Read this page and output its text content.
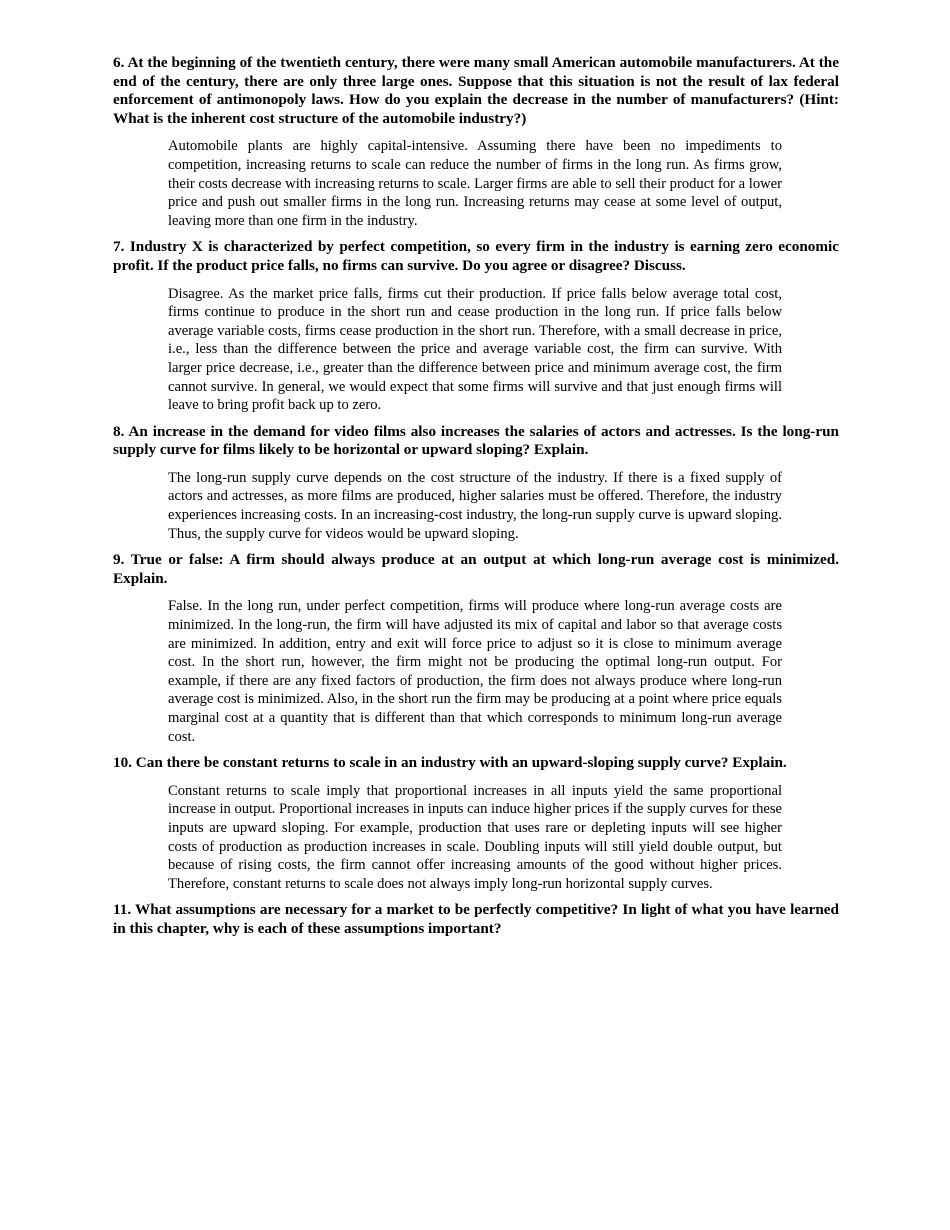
6. At the beginning of the twentieth century, there were many small American automobile manufacturers. At the end of the century, there are only three large ones. Suppose that this situation is not the result of lax federal enforcement of antimonopoly laws. How do you explain the decrease in the number of manufacturers? (Hint: What is the inherent cost structure of the automobile industry?)

Automobile plants are highly capital-intensive. Assuming there have been no impediments to competition, increasing returns to scale can reduce the number of firms in the long run. As firms grow, their costs decrease with increasing returns to scale. Larger firms are able to sell their product for a lower price and push out smaller firms in the long run. Increasing returns may cease at some level of output, leaving more than one firm in the industry.

7. Industry X is characterized by perfect competition, so every firm in the industry is earning zero economic profit. If the product price falls, no firms can survive. Do you agree or disagree? Discuss.

Disagree. As the market price falls, firms cut their production. If price falls below average total cost, firms continue to produce in the short run and cease production in the long run. If price falls below average variable costs, firms cease production in the short run. Therefore, with a small decrease in price, i.e., less than the difference between the price and average variable cost, the firm can survive. With larger price decrease, i.e., greater than the difference between price and minimum average cost, the firm cannot survive. In general, we would expect that some firms will survive and that just enough firms will leave to bring profit back up to zero.

8. An increase in the demand for video films also increases the salaries of actors and actresses. Is the long-run supply curve for films likely to be horizontal or upward sloping? Explain.

The long-run supply curve depends on the cost structure of the industry. If there is a fixed supply of actors and actresses, as more films are produced, higher salaries must be offered. Therefore, the industry experiences increasing costs. In an increasing-cost industry, the long-run supply curve is upward sloping. Thus, the supply curve for videos would be upward sloping.

9. True or false: A firm should always produce at an output at which long-run average cost is minimized. Explain.

False. In the long run, under perfect competition, firms will produce where long-run average costs are minimized. In the long-run, the firm will have adjusted its mix of capital and labor so that average costs are minimized. In addition, entry and exit will force price to adjust so it is close to minimum average cost. In the short run, however, the firm might not be producing the optimal long-run output. For example, if there are any fixed factors of production, the firm does not always produce where long-run average cost is minimized. Also, in the short run the firm may be producing at a point where price equals marginal cost at a quantity that is different than that which corresponds to minimum long-run average cost.

10. Can there be constant returns to scale in an industry with an upward-sloping supply curve? Explain.

Constant returns to scale imply that proportional increases in all inputs yield the same proportional increase in output. Proportional increases in inputs can induce higher prices if the supply curves for these inputs are upward sloping. For example, production that uses rare or depleting inputs will see higher costs of production as production increases in scale. Doubling inputs will still yield double output, but because of rising costs, the firm cannot offer increasing amounts of the good without higher prices. Therefore, constant returns to scale does not always imply long-run horizontal supply curves.

11. What assumptions are necessary for a market to be perfectly competitive? In light of what you have learned in this chapter, why is each of these assumptions important?
